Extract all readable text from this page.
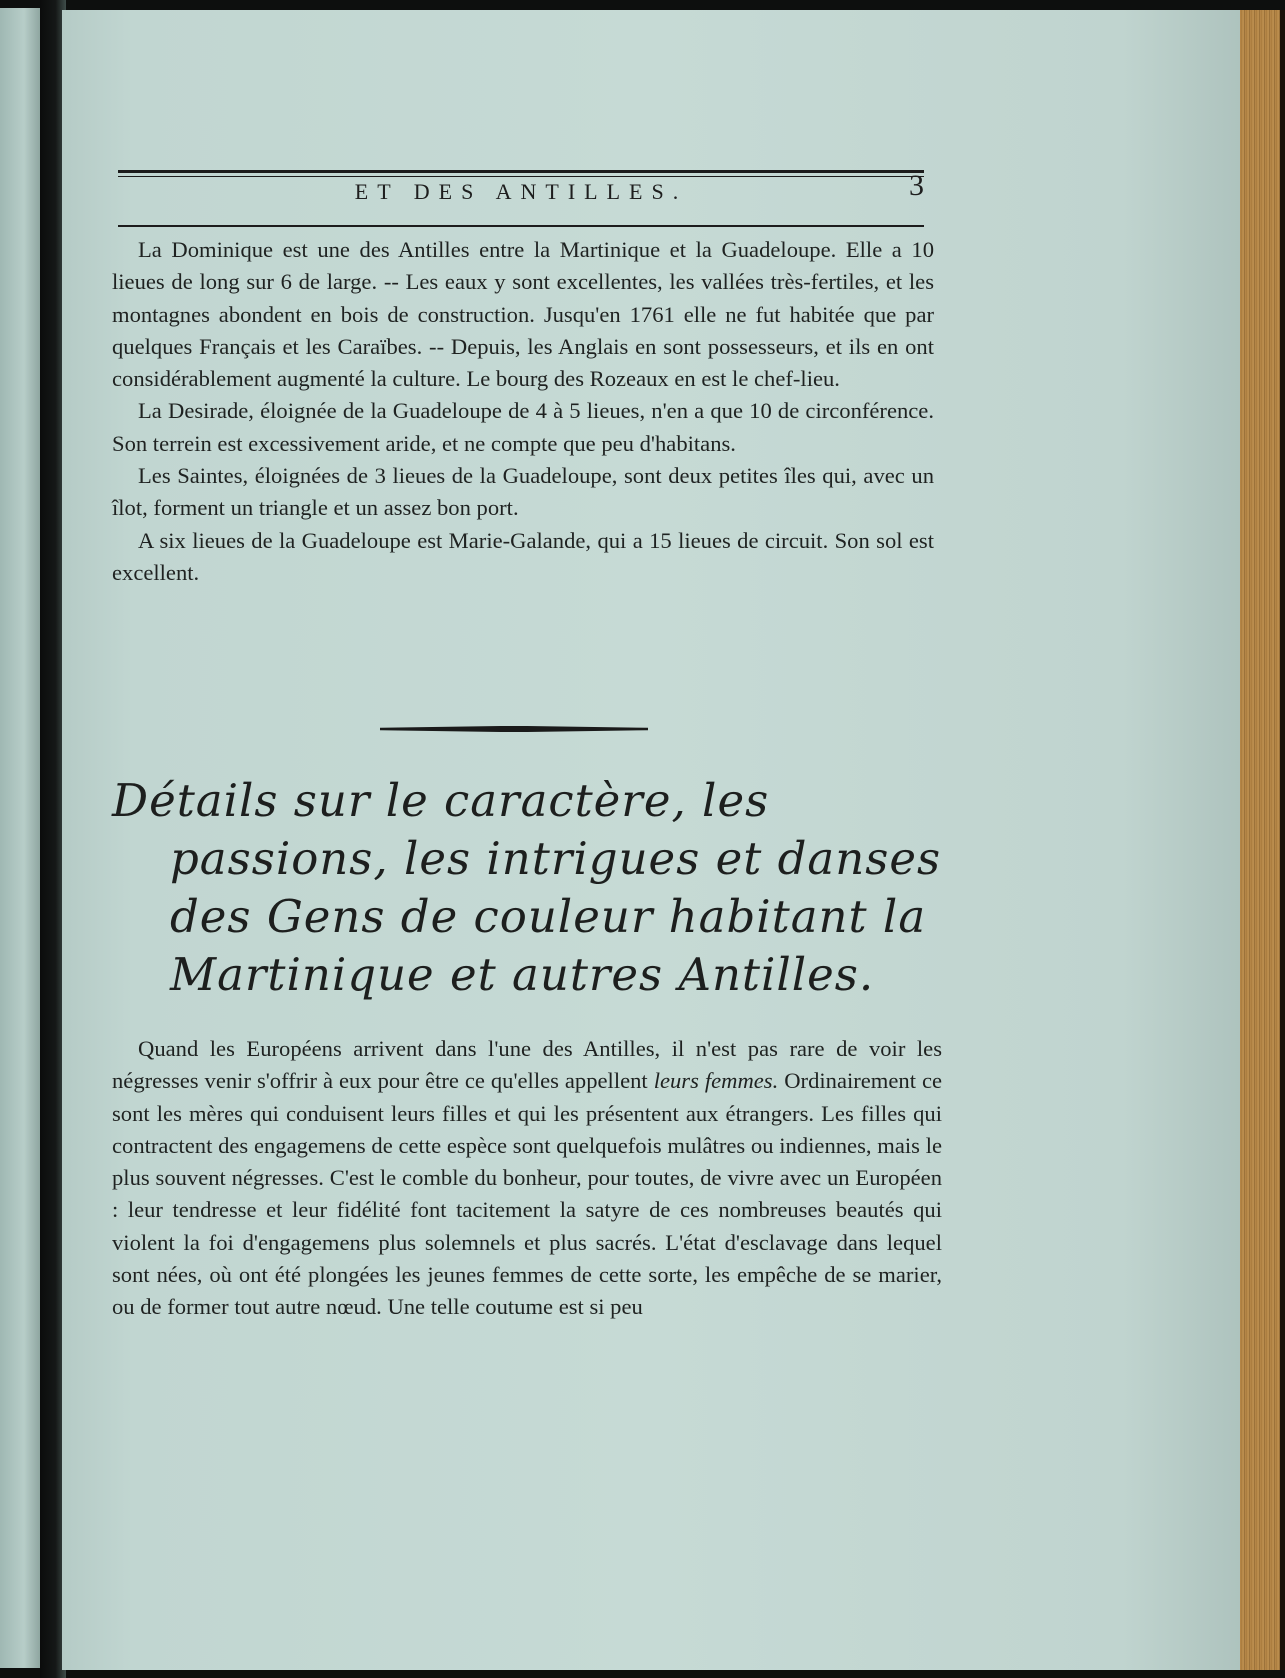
ET DES ANTILLES.	3

La Dominique est une des Antilles entre la Martinique et la Guadeloupe. Elle a 10 lieues de long sur 6 de large. -- Les eaux y sont excellentes, les vallées très-fertiles, et les montagnes abondent en bois de construction. Jusqu'en 1761 elle ne fut habitée que par quelques Français et les Caraïbes. -- Depuis, les Anglais en sont possesseurs, et ils en ont considérablement augmenté la culture. Le bourg des Rozeaux en est le chef-lieu.

La Desirade, éloignée de la Guadeloupe de 4 à 5 lieues, n'en a que 10 de circonférence. Son terrein est excessivement aride, et ne compte que peu d'habitans.

Les Saintes, éloignées de 3 lieues de la Guadeloupe, sont deux petites îles qui, avec un îlot, forment un triangle et un assez bon port.

A six lieues de la Guadeloupe est Marie-Galande, qui a 15 lieues de circuit. Son sol est excellent.

Détails sur le caractère, les passions, les intrigues et danses des Gens de couleur habitant la Martinique et autres Antilles.

Quand les Européens arrivent dans l'une des Antilles, il n'est pas rare de voir les négresses venir s'offrir à eux pour être ce qu'elles appellent leurs femmes. Ordinairement ce sont les mères qui conduisent leurs filles et qui les présentent aux étrangers. Les filles qui contractent des engagemens de cette espèce sont quelquefois mulâtres ou indiennes, mais le plus souvent négresses. C'est le comble du bonheur, pour toutes, de vivre avec un Européen : leur tendresse et leur fidélité font tacitement la satyre de ces nombreuses beautés qui violent la foi d'engagemens plus solemnels et plus sacrés. L'état d'esclavage dans lequel sont nées, où ont été plongées les jeunes femmes de cette sorte, les empêche de se marier, ou de former tout autre nœud. Une telle coutume est si peu
